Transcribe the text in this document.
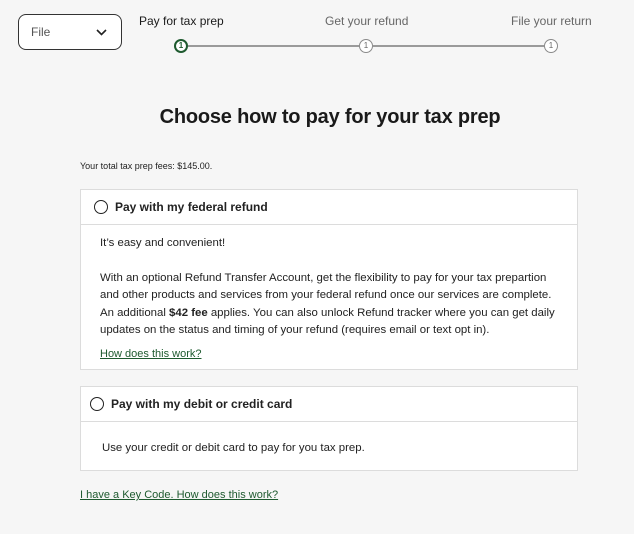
File
Pay for tax prep	Get your refund	File your return
1	1	1
Choose how to pay for your tax prep
Your total tax prep fees: $145.00.
Pay with my federal refund

It’s easy and convenient!

With an optional Refund Transfer Account, get the flexibility to pay for your tax prepartion and other products and services from your federal refund once our services are complete. An additional $42 fee applies. You can also unlock Refund tracker where you can get daily updates on the status and timing of your refund (requires email or text opt in).

How does this work?

Pay with my debit or credit card

Use your credit or debit card to pay for you tax prep.

I have a Key Code. How does this work?
